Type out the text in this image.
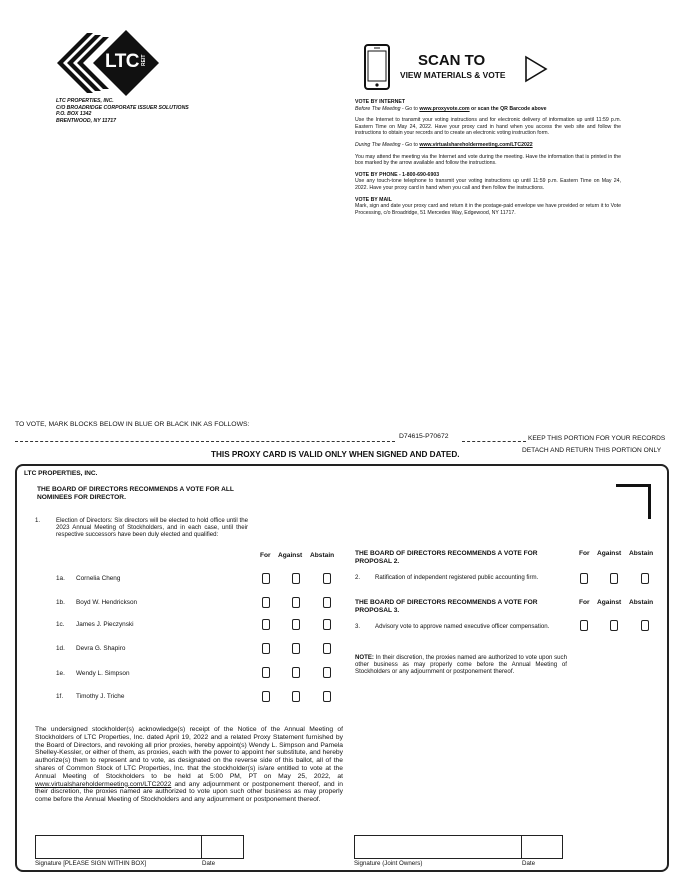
LTC REIT
LTC PROPERTIES, INC.
C/O BROADRIDGE CORPORATE ISSUER SOLUTIONS
P.O. BOX 1342
BRENTWOOD, NY 11717
SCAN TO
VIEW MATERIALS & VOTE
VOTE BY INTERNET
Before The Meeting - Go to www.proxyvote.com or scan the QR Barcode above
Use the Internet to transmit your voting instructions and for electronic delivery of information up until 11:59 p.m. Eastern Time on May 24, 2022. Have your proxy card in hand when you access the web site and follow the instructions to obtain your records and to create an electronic voting instruction form.
During The Meeting - Go to www.virtualshareholdermeeting.com/LTC2022
You may attend the meeting via the Internet and vote during the meeting. Have the information that is printed in the box marked by the arrow available and follow the instructions.
VOTE BY PHONE - 1-800-690-6903
Use any touch-tone telephone to transmit your voting instructions up until 11:59 p.m. Eastern Time on May 24, 2022. Have your proxy card in hand when you call and then follow the instructions.
VOTE BY MAIL
Mark, sign and date your proxy card and return it in the postage-paid envelope we have provided or return it to Vote Processing, c/o Broadridge, 51 Mercedes Way, Edgewood, NY 11717.
TO VOTE, MARK BLOCKS BELOW IN BLUE OR BLACK INK AS FOLLOWS:
D74615-P70672	KEEP THIS PORTION FOR YOUR RECORDS
DETACH AND RETURN THIS PORTION ONLY
THIS PROXY CARD IS VALID ONLY WHEN SIGNED AND DATED.
LTC PROPERTIES, INC.
THE BOARD OF DIRECTORS RECOMMENDS A VOTE FOR ALL NOMINEES FOR DIRECTOR.
1.	Election of Directors: Six directors will be elected to hold office until the 2023 Annual Meeting of Stockholders, and in each case, until their respective successors have been duly elected and qualified:
For Against Abstain
1a. Cornelia Cheng
1b. Boyd W. Hendrickson
1c. James J. Pieczynski
1d. Devra G. Shapiro
1e. Wendy L. Simpson
1f. Timothy J. Triche
THE BOARD OF DIRECTORS RECOMMENDS A VOTE FOR PROPOSAL 2.
For Against Abstain
2. Ratification of independent registered public accounting firm.
THE BOARD OF DIRECTORS RECOMMENDS A VOTE FOR PROPOSAL 3.
For Against Abstain
3. Advisory vote to approve named executive officer compensation.
NOTE: In their discretion, the proxies named are authorized to vote upon such other business as may properly come before the Annual Meeting of Stockholders or any adjournment or postponement thereof.
The undersigned stockholder(s) acknowledge(s) receipt of the Notice of the Annual Meeting of Stockholders of LTC Properties, Inc. dated April 19, 2022 and a related Proxy Statement furnished by the Board of Directors, and revoking all prior proxies, hereby appoint(s) Wendy L. Simpson and Pamela Shelley-Kessler, or either of them, as proxies, each with the power to appoint her substitute, and hereby authorize(s) them to represent and to vote, as designated on the reverse side of this ballot, all of the shares of Common Stock of LTC Properties, Inc. that the stockholder(s) is/are entitled to vote at the Annual Meeting of Stockholders to be held at 5:00 PM, PT on May 25, 2022, at www.virtualshareholdermeeting.com/LTC2022 and any adjournment or postponement thereof, and in their discretion, the proxies named are authorized to vote upon such other business as may properly come before the Annual Meeting of Stockholders and any adjournment or postponement thereof.
Signature [PLEASE SIGN WITHIN BOX]	Date	Signature (Joint Owners)	Date
